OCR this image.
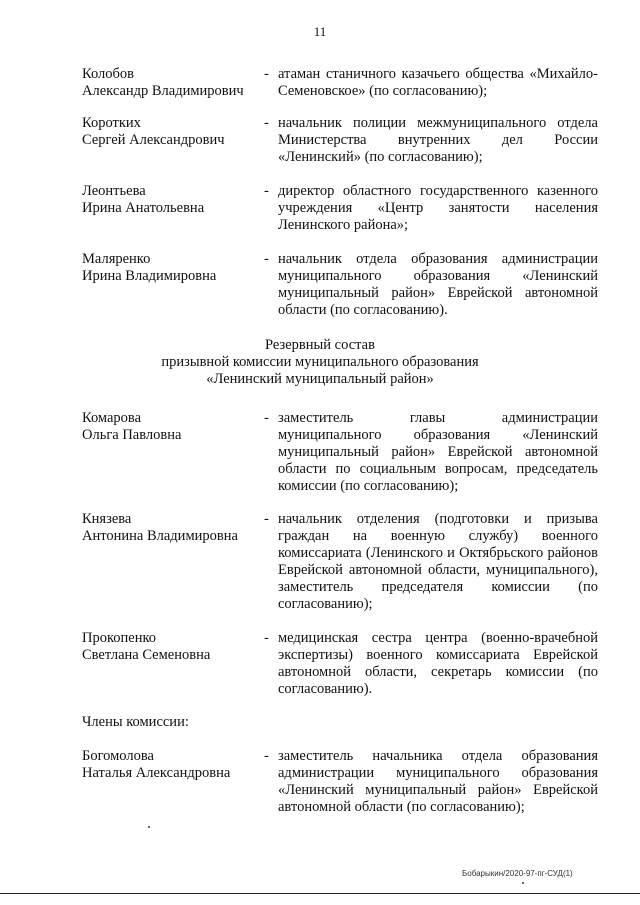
11
Колобов
Александр Владимирович
- атаман станичного казачьего общества «Михайло-Семеновское» (по согласованию);
Коротких
Сергей Александрович
- начальник полиции межмуниципального отдела Министерства внутренних дел России «Ленинский» (по согласованию);
Леонтьева
Ирина Анатольевна
- директор областного государственного казенного учреждения «Центр занятости населения Ленинского района»;
Маляренко
Ирина Владимировна
- начальник отдела образования администрации муниципального образования «Ленинский муниципальный район» Еврейской автономной области (по согласованию).
Резервный состав
призывной комиссии муниципального образования
«Ленинский муниципальный район»
Комарова
Ольга Павловна
- заместитель главы администрации муниципального образования «Ленинский муниципальный район» Еврейской автономной области по социальным вопросам, председатель комиссии (по согласованию);
Князева
Антонина Владимировна
- начальник отделения (подготовки и призыва граждан на военную службу) военного комиссариата (Ленинского и Октябрьского районов Еврейской автономной области, муниципального), заместитель председателя комиссии (по согласованию);
Прокопенко
Светлана Семеновна
- медицинская сестра центра (военно-врачебной экспертизы) военного комиссариата Еврейской автономной области, секретарь комиссии (по согласованию).
Члены комиссии:
Богомолова
Наталья Александровна
- заместитель начальника отдела образования администрации муниципального образования «Ленинский муниципальный район» Еврейской автономной области (по согласованию);
Бобарыкин/2020-97-пг-СУД(1)
